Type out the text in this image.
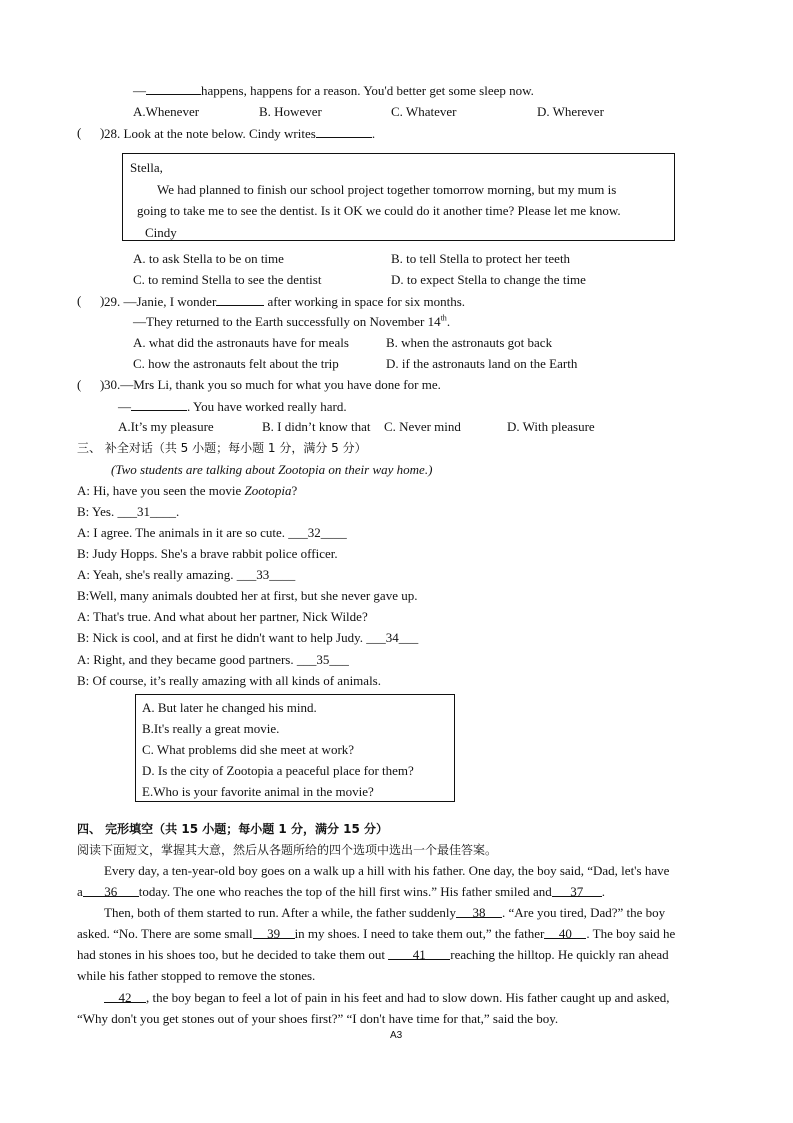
—	happens, happens for a reason. You'd better get some sleep now.
A.Whenever	B. However	C. Whatever	D. Wherever
( ) 28. Look at the note below. Cindy writes	.
Stella,
We had planned to finish our school project together tomorrow morning, but my mum is
going to take me to see the dentist. Is it OK we could do it another time? Please let me know.
Cindy
A. to ask Stella to be on time	B. to tell Stella to protect her teeth
C. to remind Stella to see the dentist	D. to expect Stella to change the time
( ) 29. —Janie, I wonder	after working in space for six months.
—They returned to the Earth successfully on November 14th.
A. what did the astronauts have for meals	B. when the astronauts got back
C. how the astronauts felt about the trip	D. if the astronauts land on the Earth
( ) 30.—Mrs Li, thank you so much for what you have done for me.
—	. You have worked really hard.
A.It’s my pleasure	B. I didn’t know that C. Never mind	D. With pleasure
三、 补全对话（共 5 小题；每小题 1 分，满分 5 分）
(Two students are talking about Zootopia on their way home.)
A: Hi, have you seen the movie Zootopia?
B: Yes. ___31____.
A: I agree. The animals in it are so cute. ___32____
B: Judy Hopps. She's a brave rabbit police officer.
A: Yeah, she's really amazing. ___33____
B:Well, many animals doubted her at first, but she never gave up.
A: That's true. And what about her partner, Nick Wilde?
B: Nick is cool, and at first he didn't want to help Judy. ___34___
A: Right, and they became good partners. ___35___
B: Of course, it’s really amazing with all kinds of animals.
A. But later he changed his mind.
B.It's really a great movie.
C. What problems did she meet at work?
D. Is the city of Zootopia a peaceful place for them?
E.Who is your favorite animal in the movie?
四、 完形填空（共 15 小题；每小题 1 分，满分 15 分）
阅读下面短文，掌握其大意，然后从各题所给的四个选项中选出一个最佳答案。
Every day, a ten-year-old boy goes on a walk up a hill with his father. One day, the boy said, “Dad, let's have
a 36 today. The one who reaches the top of the hill first wins.” His father smiled and 37 .
Then, both of them started to run. After a while, the father suddenly 38 . “Are you tired, Dad?” the boy
asked. “No. There are some small 39 in my shoes. I need to take them out,” the father 40 . The boy said he
had stones in his shoes too, but he decided to take them out 41 reaching the hilltop. He quickly ran ahead
while his father stopped to remove the stones.
42 , the boy began to feel a lot of pain in his feet and had to slow down. His father caught up and asked,
“Why don't you get stones out of your shoes first?” “I don't have time for that,” said the boy.
A3
